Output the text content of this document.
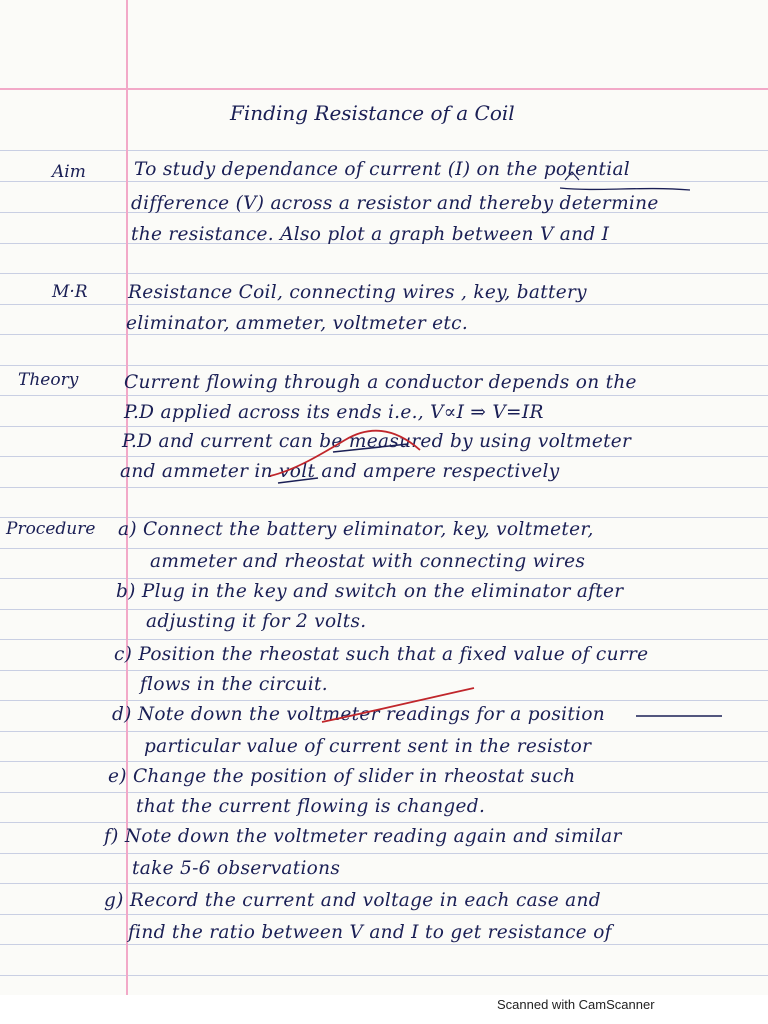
Finding Resistance of a Coil
Aim	To study dependance of current (I) on the potential
difference (V) across a resistor and thereby determine
the resistance. Also plot a graph between V and I
M·R Resistance Coil, connecting wires , key, battery
eliminator, ammeter, voltmeter etc.
Theory Current flowing through a conductor depends on the
P.D applied across its ends i.e., V∝I ⇒ V=IR
P.D and current can be measured by using voltmeter
and ammeter in volt and ampere respectively
Procedure a) Connect the battery eliminator, key, voltmeter,
ammeter and rheostat with connecting wires
b) Plug in the key and switch on the eliminator after
adjusting it for 2 volts.
c) Position the rheostat such that a fixed value of curre
flows in the circuit.
d) Note down the voltmeter readings for a position
particular value of current sent in the resistor
e) Change the position of slider in rheostat such
that the current flowing is changed.
f) Note down the voltmeter reading again and similar
take 5-6 observations
g) Record the current and voltage in each case and
find the ratio between V and I to get resistance of
Scanned with CamScanner
